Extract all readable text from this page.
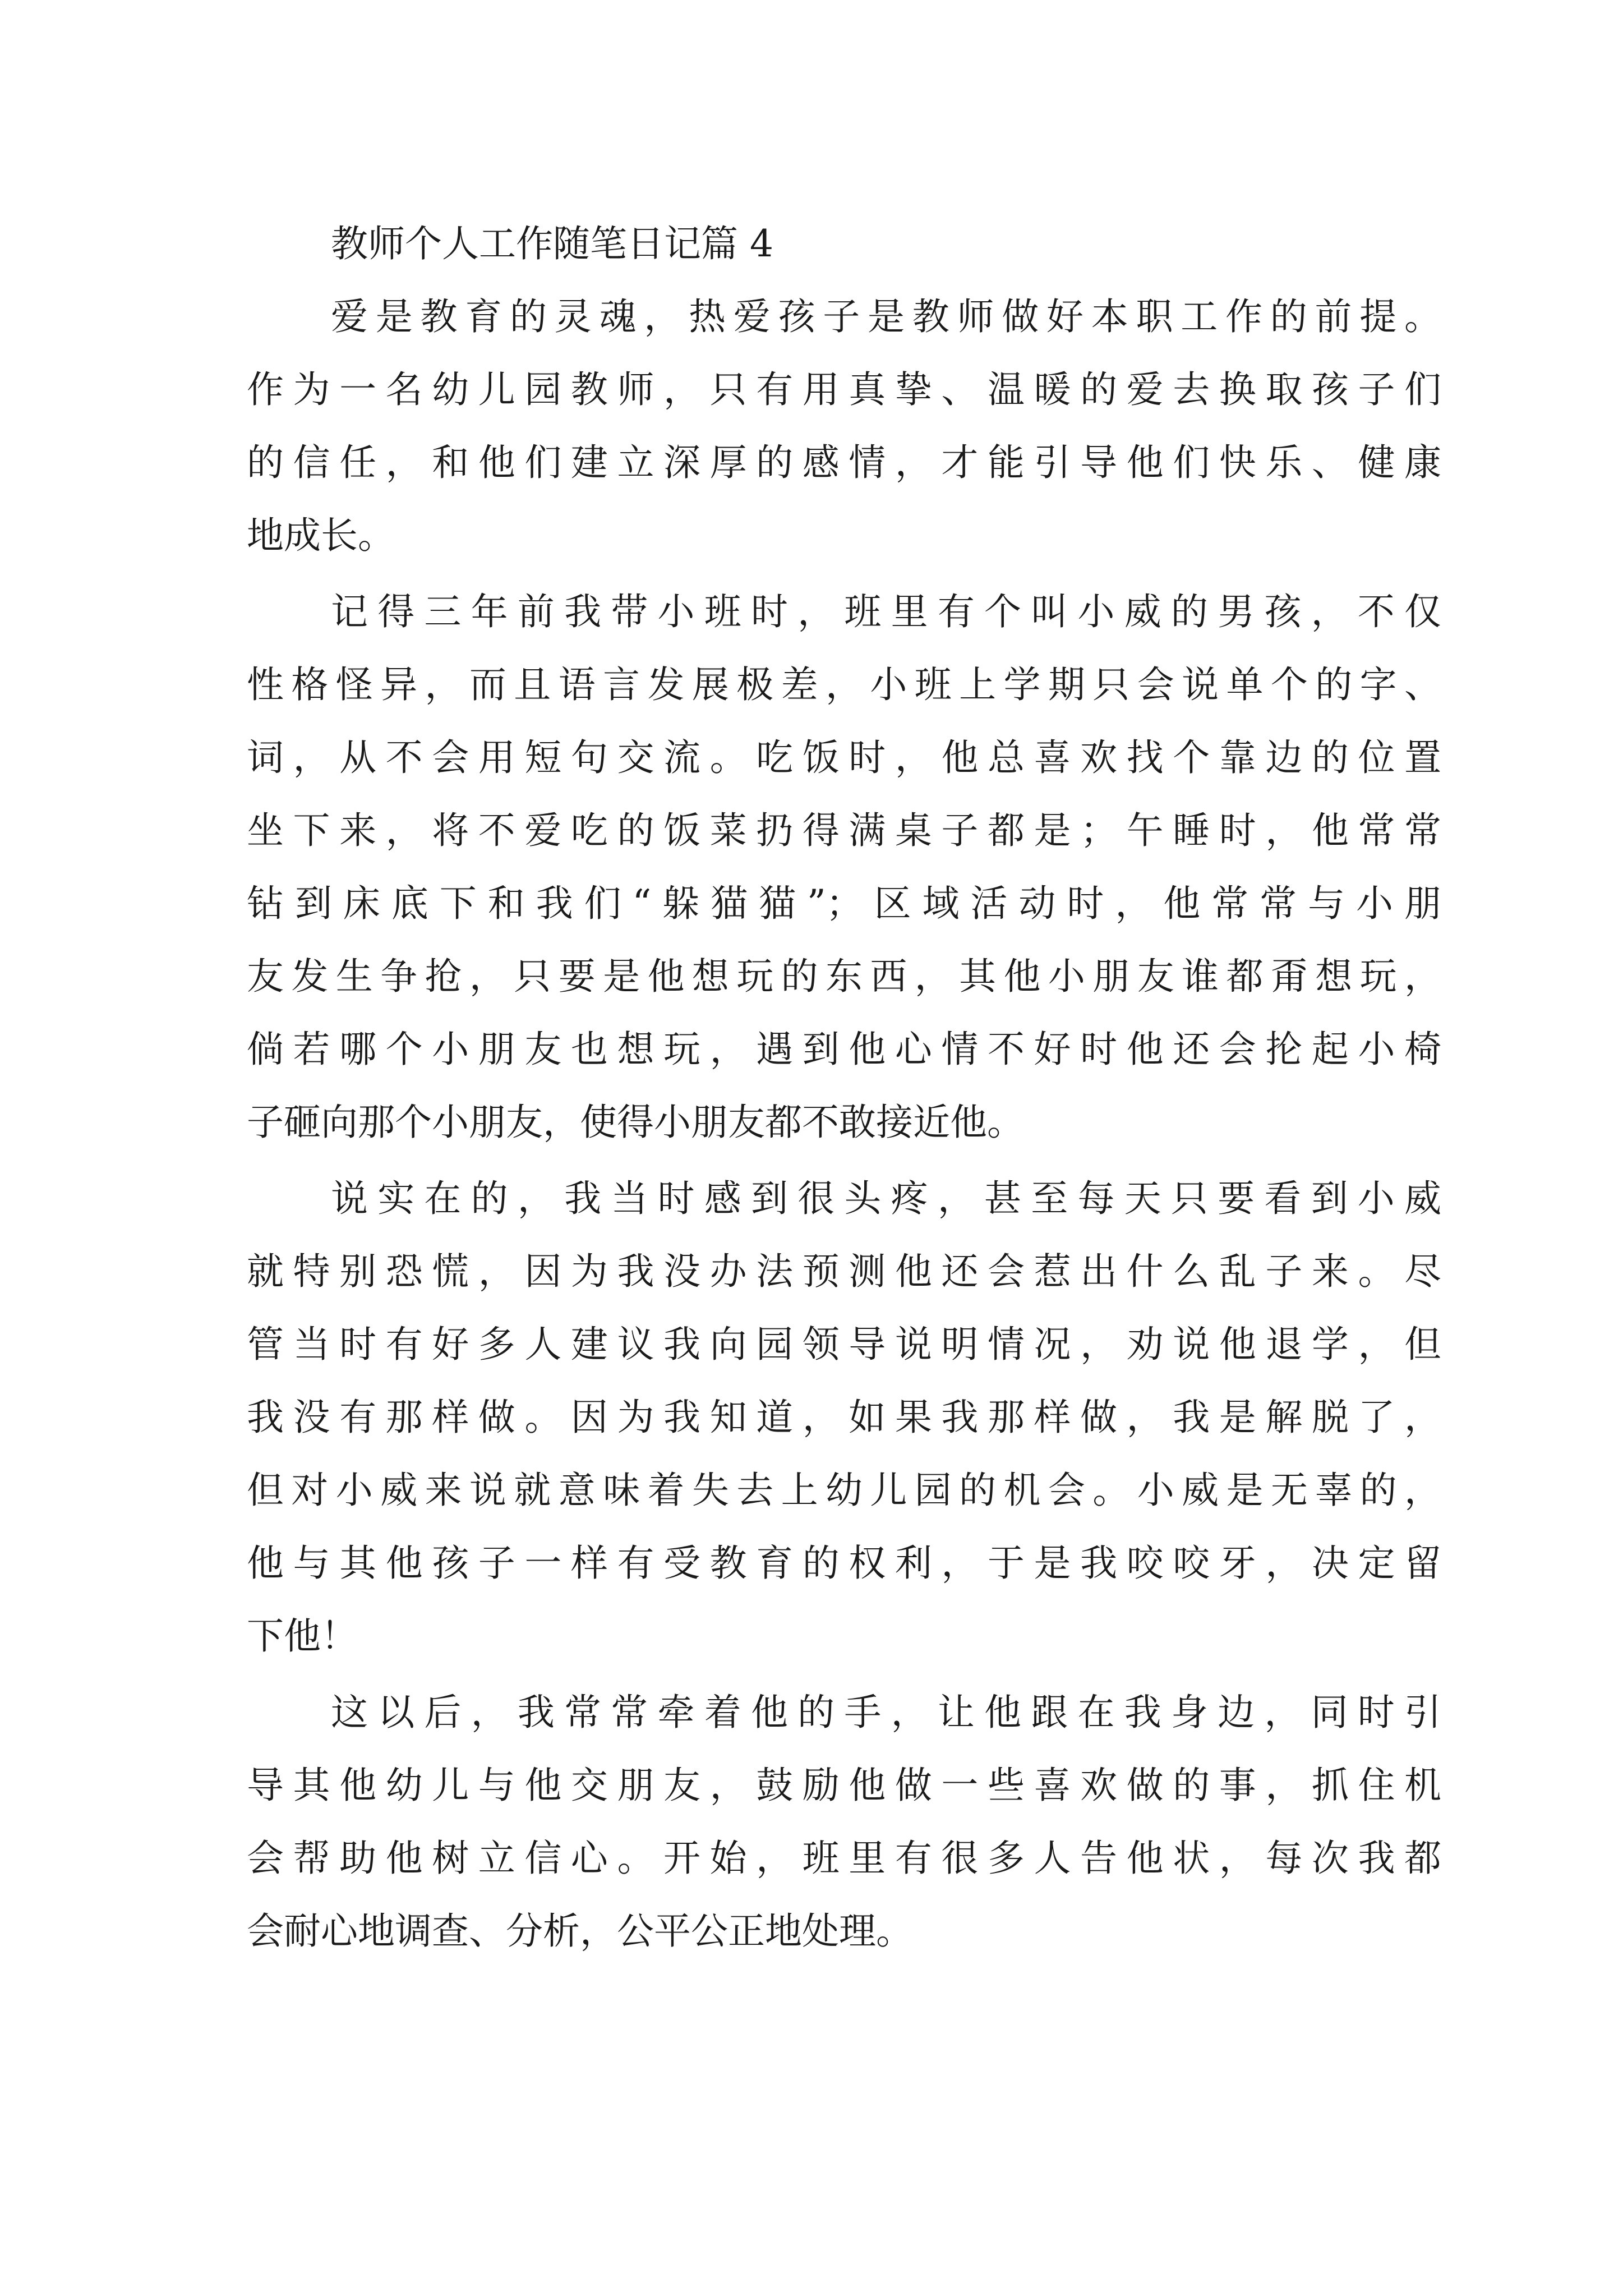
教师个人工作随笔日记篇 4
爱是教育的灵魂，热爱孩子是教师做好本职工作的前提。
作为一名幼儿园教师，只有用真挚、温暖的爱去换取孩子们
的信任，和他们建立深厚的感情，才能引导他们快乐、健康
地成长。
记得三年前我带小班时，班里有个叫小威的男孩，不仅
性格怪异，而且语言发展极差，小班上学期只会说单个的字、
词，从不会用短句交流。吃饭时，他总喜欢找个靠边的位置
坐下来，将不爱吃的饭菜扔得满桌子都是；午睡时，他常常
钻到床底下和我们“躲猫猫”；区域活动时，他常常与小朋
友发生争抢，只要是他想玩的东西，其他小朋友谁都甭想玩，
倘若哪个小朋友也想玩，遇到他心情不好时他还会抡起小椅
子砸向那个小朋友，使得小朋友都不敢接近他。
说实在的，我当时感到很头疼，甚至每天只要看到小威
就特别恐慌，因为我没办法预测他还会惹出什么乱子来。尽
管当时有好多人建议我向园领导说明情况，劝说他退学，但
我没有那样做。因为我知道，如果我那样做，我是解脱了，
但对小威来说就意味着失去上幼儿园的机会。小威是无辜的，
他与其他孩子一样有受教育的权利，于是我咬咬牙，决定留
下他！
这以后，我常常牵着他的手，让他跟在我身边，同时引
导其他幼儿与他交朋友，鼓励他做一些喜欢做的事，抓住机
会帮助他树立信心。开始，班里有很多人告他状，每次我都
会耐心地调查、分析，公平公正地处理。
